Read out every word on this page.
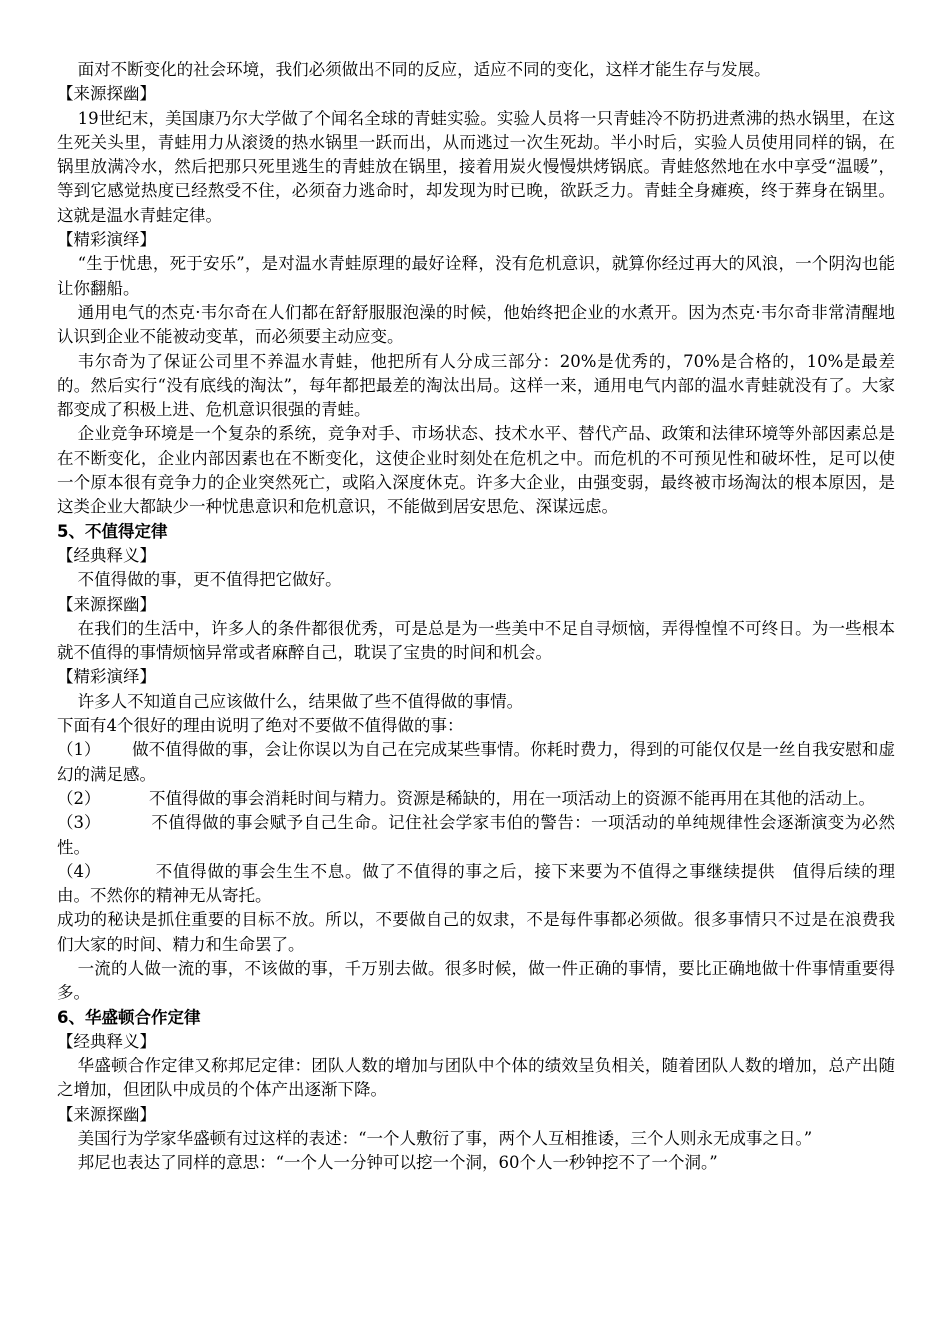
面对不断变化的社会环境，我们必须做出不同的反应，适应不同的变化，这样才能生存与发展。

【来源探幽】

19世纪末，美国康乃尔大学做了个闻名全球的青蛙实验。实验人员将一只青蛙冷不防扔进煮沸的热水锅里，在这生死关头里，青蛙用力从滚烫的热水锅里一跃而出，从而逃过一次生死劫。半小时后，实验人员使用同样的锅，在锅里放满冷水，然后把那只死里逃生的青蛙放在锅里，接着用炭火慢慢烘烤锅底。青蛙悠然地在水中享受“温暖”，等到它感觉热度已经熬受不住，必须奋力逃命时，却发现为时已晚，欲跃乏力。青蛙全身瘫痪，终于葬身在锅里。这就是温水青蛙定律。

【精彩演绎】

“生于忧患，死于安乐”，是对温水青蛙原理的最好诠释，没有危机意识，就算你经过再大的风浪，一个阴沟也能让你翻船。

通用电气的杰克·韦尔奇在人们都在舒舒服服泡澡的时候，他始终把企业的水煮开。因为杰克·韦尔奇非常清醒地认识到企业不能被动变革，而必须要主动应变。

韦尔奇为了保证公司里不养温水青蛙，他把所有人分成三部分：20%是优秀的，70%是合格的，10%是最差的。然后实行“没有底线的淘汰”，每年都把最差的淘汰出局。这样一来，通用电气内部的温水青蛙就没有了。大家都变成了积极上进、危机意识很强的青蛙。

企业竞争环境是一个复杂的系统，竞争对手、市场状态、技术水平、替代产品、政策和法律环境等外部因素总是在不断变化，企业内部因素也在不断变化，这使企业时刻处在危机之中。而危机的不可预见性和破坏性，足可以使一个原本很有竞争力的企业突然死亡，或陷入深度休克。许多大企业，由强变弱，最终被市场淘汰的根本原因，是这类企业大都缺少一种忧患意识和危机意识，不能做到居安思危、深谋远虑。

5、不值得定律

【经典释义】

不值得做的事，更不值得把它做好。

【来源探幽】

在我们的生活中，许多人的条件都很优秀，可是总是为一些美中不足自寻烦恼，弄得惶惶不可终日。为一些根本就不值得的事情烦恼异常或者麻醉自己，耽误了宝贵的时间和机会。

【精彩演绎】

许多人不知道自己应该做什么，结果做了些不值得做的事情。

下面有4个很好的理由说明了绝对不要做不值得做的事：

（1） 做不值得做的事，会让你误以为自己在完成某些事情。你耗时费力，得到的可能仅仅是一丝自我安慰和虚幻的满足感。

（2）	不值得做的事会消耗时间与精力。资源是稀缺的，用在一项活动上的资源不能再用在其他的活动上。

（3）	不值得做的事会赋予自己生命。记住社会学家韦伯的警告：一项活动的单纯规律性会逐渐演变为必然性。

（4）	不值得做的事会生生不息。做了不值得的事之后，接下来要为不值得之事继续提供　值得后续的理由。不然你的精神无从寄托。

成功的秘诀是抓住重要的目标不放。所以，不要做自己的奴隶，不是每件事都必须做。很多事情只不过是在浪费我们大家的时间、精力和生命罢了。

一流的人做一流的事，不该做的事，千万别去做。很多时候，做一件正确的事情，要比正确地做十件事情重要得多。

6、华盛顿合作定律

【经典释义】

华盛顿合作定律又称邦尼定律：团队人数的增加与团队中个体的绩效呈负相关，随着团队人数的增加，总产出随之增加，但团队中成员的个体产出逐渐下降。

【来源探幽】

美国行为学家华盛顿有过这样的表述：“一个人敷衍了事，两个人互相推诿，三个人则永无成事之日。”

邦尼也表达了同样的意思：“一个人一分钟可以挖一个洞，60个人一秒钟挖不了一个洞。”
